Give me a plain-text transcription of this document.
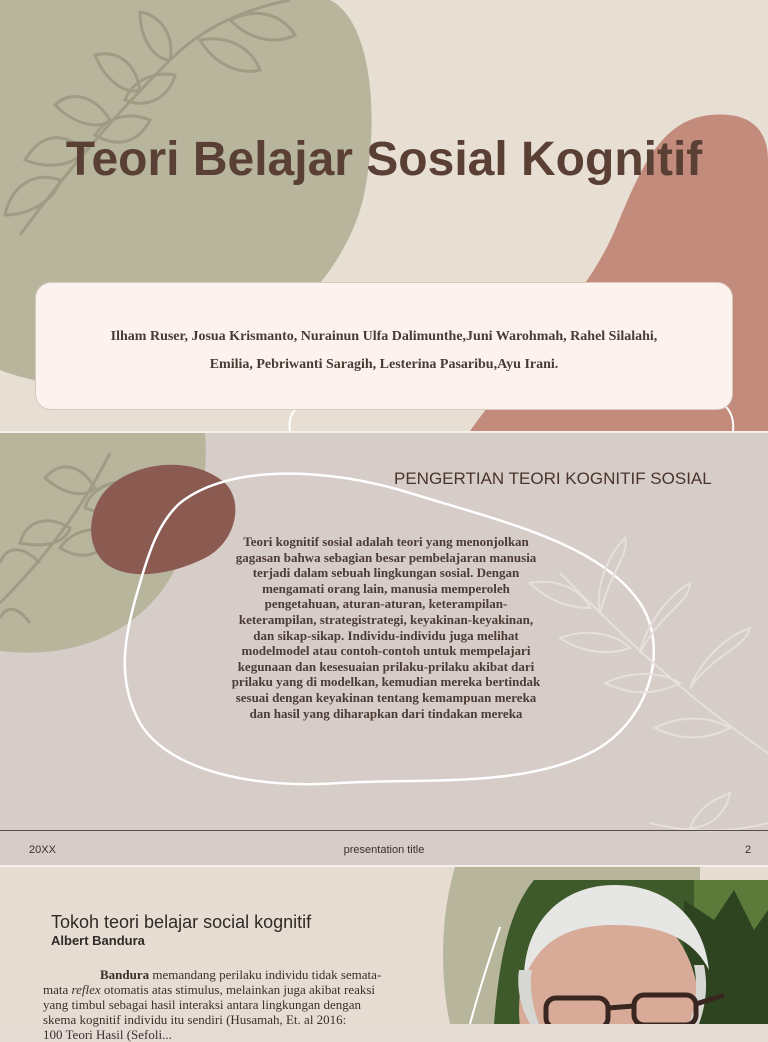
Teori Belajar Sosial Kognitif
Ilham Ruser, Josua Krismanto, Nurainun Ulfa Dalimunthe,Juni Warohmah, Rahel Silalahi,
Emilia, Pebriwanti Saragih, Lesterina Pasaribu,Ayu Irani.
PENGERTIAN TEORI KOGNITIF SOSIAL
Teori kognitif sosial adalah teori yang menonjolkan
gagasan bahwa sebagian besar pembelajaran manusia
terjadi dalam sebuah lingkungan sosial. Dengan
mengamati orang lain, manusia memperoleh
pengetahuan, aturan-aturan, keterampilan-
keterampilan, strategistrategi, keyakinan-keyakinan,
dan sikap-sikap. Individu-individu juga melihat
modelmodel atau contoh-contoh untuk mempelajari
kegunaan dan kesesuaian prilaku-prilaku akibat dari
prilaku yang di modelkan, kemudian mereka bertindak
sesuai dengan keyakinan tentang kemampuan mereka
dan hasil yang diharapkan dari tindakan mereka
20XX	presentation title	2
Tokoh teori belajar social kognitif
Albert Bandura
Bandura memandang perilaku individu tidak semata-
mata reflex otomatis atas stimulus, melainkan juga akibat reaksi
yang timbul sebagai hasil interaksi antara lingkungan dengan
skema kognitif individu itu sendiri (Husamah, Et. al 2016:
100 Teori Hasil (Sefoli...
